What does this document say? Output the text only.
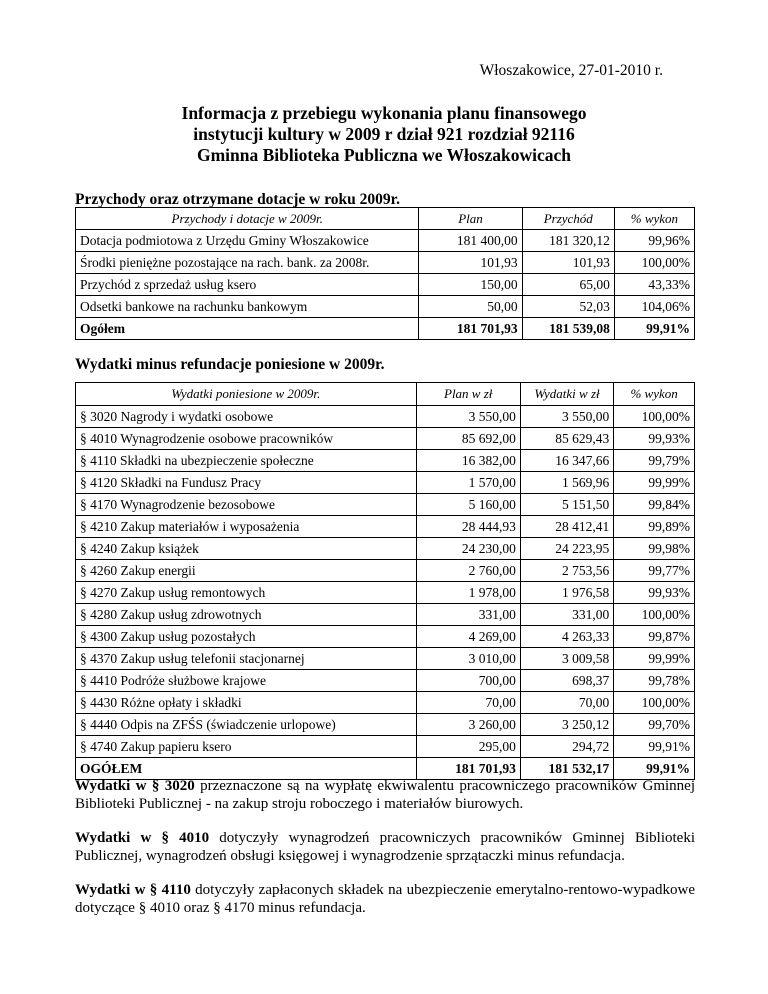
Włoszakowice, 27-01-2010 r.
Informacja z przebiegu wykonania planu finansowego
instytucji kultury w 2009 r dział 921 rozdział 92116
Gminna Biblioteka Publiczna we Włoszakowicach
Przychody oraz otrzymane dotacje w roku 2009r.
Przychody i dotacje w 2009r.	Plan	Przychód	% wykon
Dotacja podmiotowa z Urzędu Gminy Włoszakowice	181 400,00	181 320,12	99,96%
Środki pieniężne pozostające na rach. bank. za 2008r.	101,93	101,93	100,00%
Przychód z sprzedaż usług ksero	150,00	65,00	43,33%
Odsetki bankowe na rachunku bankowym	50,00	52,03	104,06%
Ogółem	181 701,93	181 539,08	99,91%
Wydatki minus refundacje poniesione w 2009r.
Wydatki poniesione w 2009r.	Plan w zł	Wydatki w zł	% wykon
§ 3020 Nagrody i wydatki osobowe	3 550,00	3 550,00	100,00%
§ 4010 Wynagrodzenie osobowe pracowników	85 692,00	85 629,43	99,93%
§ 4110 Składki na ubezpieczenie społeczne	16 382,00	16 347,66	99,79%
§ 4120 Składki na Fundusz Pracy	1 570,00	1 569,96	99,99%
§ 4170 Wynagrodzenie bezosobowe	5 160,00	5 151,50	99,84%
§ 4210 Zakup materiałów i wyposażenia	28 444,93	28 412,41	99,89%
§ 4240 Zakup książek	24 230,00	24 223,95	99,98%
§ 4260 Zakup energii	2 760,00	2 753,56	99,77%
§ 4270 Zakup usług remontowych	1 978,00	1 976,58	99,93%
§ 4280 Zakup usług zdrowotnych	331,00	331,00	100,00%
§ 4300 Zakup usług pozostałych	4 269,00	4 263,33	99,87%
§ 4370 Zakup usług telefonii stacjonarnej	3 010,00	3 009,58	99,99%
§ 4410 Podróże służbowe krajowe	700,00	698,37	99,78%
§ 4430 Różne opłaty i składki	70,00	70,00	100,00%
§ 4440 Odpis na ZFŚS (świadczenie urlopowe)	3 260,00	3 250,12	99,70%
§ 4740 Zakup papieru ksero	295,00	294,72	99,91%
OGÓŁEM	181 701,93	181 532,17	99,91%
Wydatki w § 3020 przeznaczone są na wypłatę ekwiwalentu pracowniczego pracowników Gminnej Biblioteki Publicznej - na zakup stroju roboczego i materiałów biurowych.
Wydatki w § 4010 dotyczyły wynagrodzeń pracowniczych pracowników Gminnej Biblioteki Publicznej, wynagrodzeń obsługi księgowej i wynagrodzenie sprzątaczki minus refundacja.
Wydatki w § 4110 dotyczyły zapłaconych składek na ubezpieczenie emerytalno-rentowo-wypadkowe dotyczące § 4010 oraz § 4170 minus refundacja.
